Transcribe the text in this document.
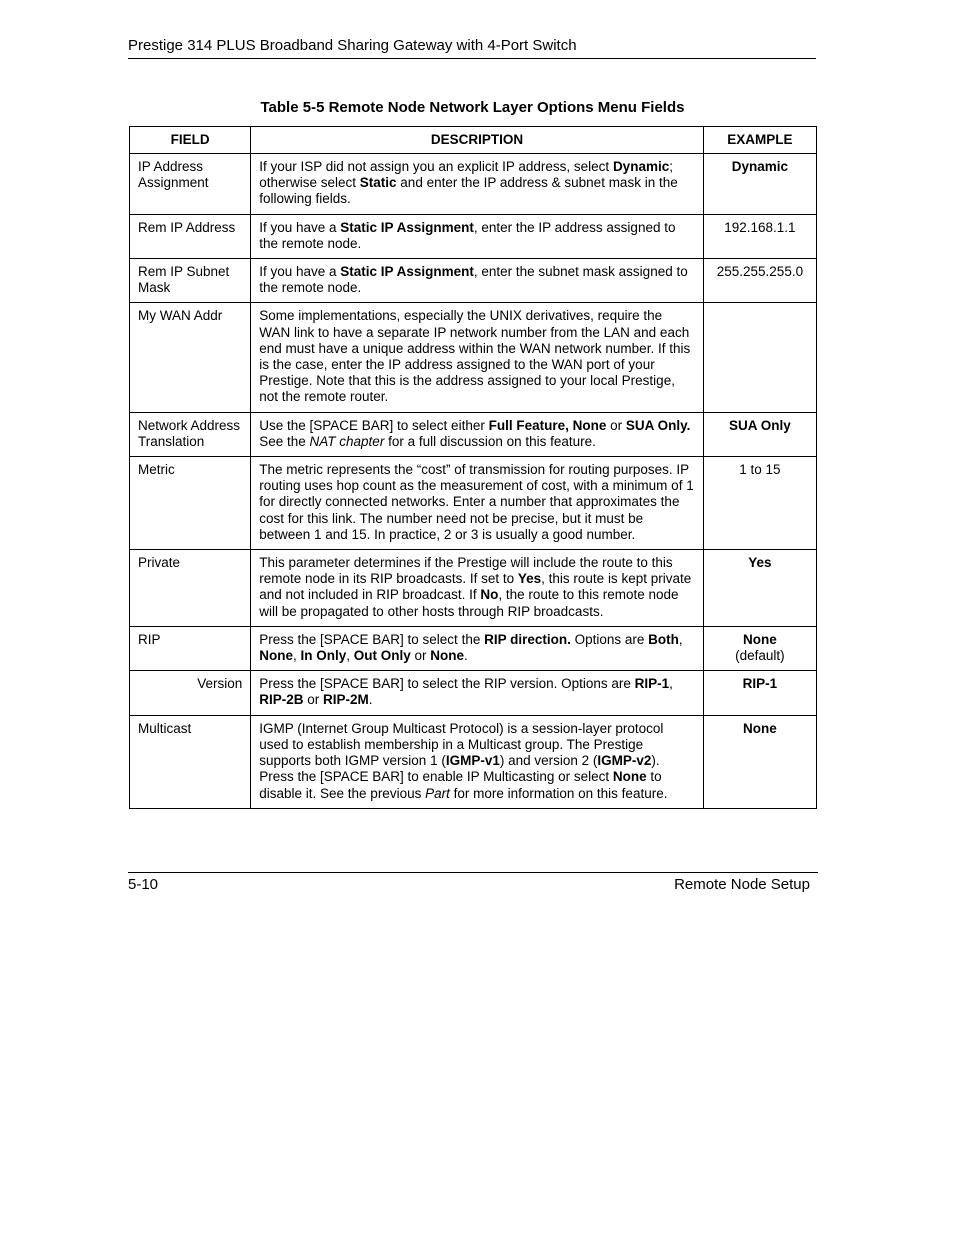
Prestige 314 PLUS Broadband Sharing Gateway with 4-Port Switch
Table 5-5 Remote Node Network Layer Options Menu Fields
FIELD	DESCRIPTION	EXAMPLE
IP Address Assignment	If your ISP did not assign you an explicit IP address, select Dynamic; otherwise select Static and enter the IP address & subnet mask in the following fields.	Dynamic
Rem IP Address	If you have a Static IP Assignment, enter the IP address assigned to the remote node.	192.168.1.1
Rem IP Subnet Mask	If you have a Static IP Assignment, enter the subnet mask assigned to the remote node.	255.255.255.0
My WAN Addr	Some implementations, especially the UNIX derivatives, require the WAN link to have a separate IP network number from the LAN and each end must have a unique address within the WAN network number. If this is the case, enter the IP address assigned to the WAN port of your Prestige. Note that this is the address assigned to your local Prestige, not the remote router.	
Network Address Translation	Use the [SPACE BAR] to select either Full Feature, None or SUA Only. See the NAT chapter for a full discussion on this feature.	SUA Only
Metric	The metric represents the “cost” of transmission for routing purposes. IP routing uses hop count as the measurement of cost, with a minimum of 1 for directly connected networks. Enter a number that approximates the cost for this link. The number need not be precise, but it must be between 1 and 15. In practice, 2 or 3 is usually a good number.	1 to 15
Private	This parameter determines if the Prestige will include the route to this remote node in its RIP broadcasts. If set to Yes, this route is kept private and not included in RIP broadcast. If No, the route to this remote node will be propagated to other hosts through RIP broadcasts.	Yes
RIP	Press the [SPACE BAR] to select the RIP direction. Options are Both, None, In Only, Out Only or None.	None
(default)
Version	Press the [SPACE BAR] to select the RIP version. Options are RIP-1, RIP-2B or RIP-2M.	RIP-1
Multicast	IGMP (Internet Group Multicast Protocol) is a session-layer protocol used to establish membership in a Multicast group. The Prestige supports both IGMP version 1 (IGMP-v1) and version 2 (IGMP-v2). Press the [SPACE BAR] to enable IP Multicasting or select None to disable it. See the previous Part for more information on this feature.	None
5-10	Remote Node Setup
